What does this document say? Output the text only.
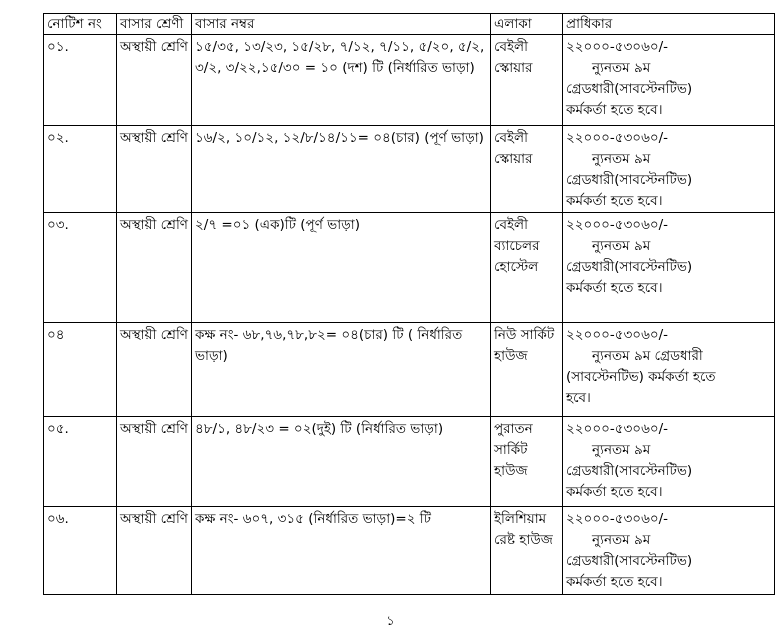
নোটিশ নং	বাসার শ্রেণী	বাসার নম্বর	এলাকা	প্রাধিকার
০১.	অস্থায়ী শ্রেণি	১৫/৩৫, ১৩/২৩, ১৫/২৮, ৭/১২, ৭/১১, ৫/২০, ৫/২, ৩/২, ৩/২২,১৫/৩০ = ১০ (দশ) টি (নির্ধারিত ভাড়া)	বেইলী স্কোয়ার	২২০০০-৫৩০৬০/-
ন্যুনতম ৯ম
গ্রেডধারী(সাবস্টেনটিভ)
কর্মকর্তা হতে হবে।

০২.	অস্থায়ী শ্রেণি	১৬/২, ১০/১২, ১২/৮/১৪/১১= ০৪(চার) (পূর্ণ ভাড়া)	বেইলী স্কোয়ার	২২০০০-৫৩০৬০/-
ন্যুনতম ৯ম
গ্রেডধারী(সাবস্টেনটিভ)
কর্মকর্তা হতে হবে।

০৩.	অস্থায়ী শ্রেণি	২/৭ =০১ (এক)টি (পূর্ণ ভাড়া)	বেইলী ব্যাচেলর হোস্টেল	২২০০০-৫৩০৬০/-
ন্যুনতম ৯ম
গ্রেডধারী(সাবস্টেনটিভ)
কর্মকর্তা হতে হবে।

০৪	অস্থায়ী শ্রেণি	কক্ষ নং- ৬৮,৭৬,৭৮,৮২= ০৪(চার) টি ( নির্ধারিত ভাড়া)	নিউ সার্কিট হাউজ	২২০০০-৫৩০৬০/-
ন্যুনতম ৯ম গ্রেডধারী
(সাবস্টেনটিভ) কর্মকর্তা হতে
হবে।

০৫.	অস্থায়ী শ্রেণি	৪৮/১, ৪৮/২৩ = ০২(দুই) টি (নির্ধারিত ভাড়া)	পুরাতন সার্কিট হাউজ	২২০০০-৫৩০৬০/-
ন্যুনতম ৯ম
গ্রেডধারী(সাবস্টেনটিভ)
কর্মকর্তা হতে হবে।

০৬.	অস্থায়ী শ্রেণি	কক্ষ নং- ৬০৭, ৩১৫ (নির্ধারিত ভাড়া)=২ টি	ইলিশিয়াম রেষ্ট হাউজ	২২০০০-৫৩০৬০/-
ন্যুনতম ৯ম
গ্রেডধারী(সাবস্টেনটিভ)
কর্মকর্তা হতে হবে।
১
